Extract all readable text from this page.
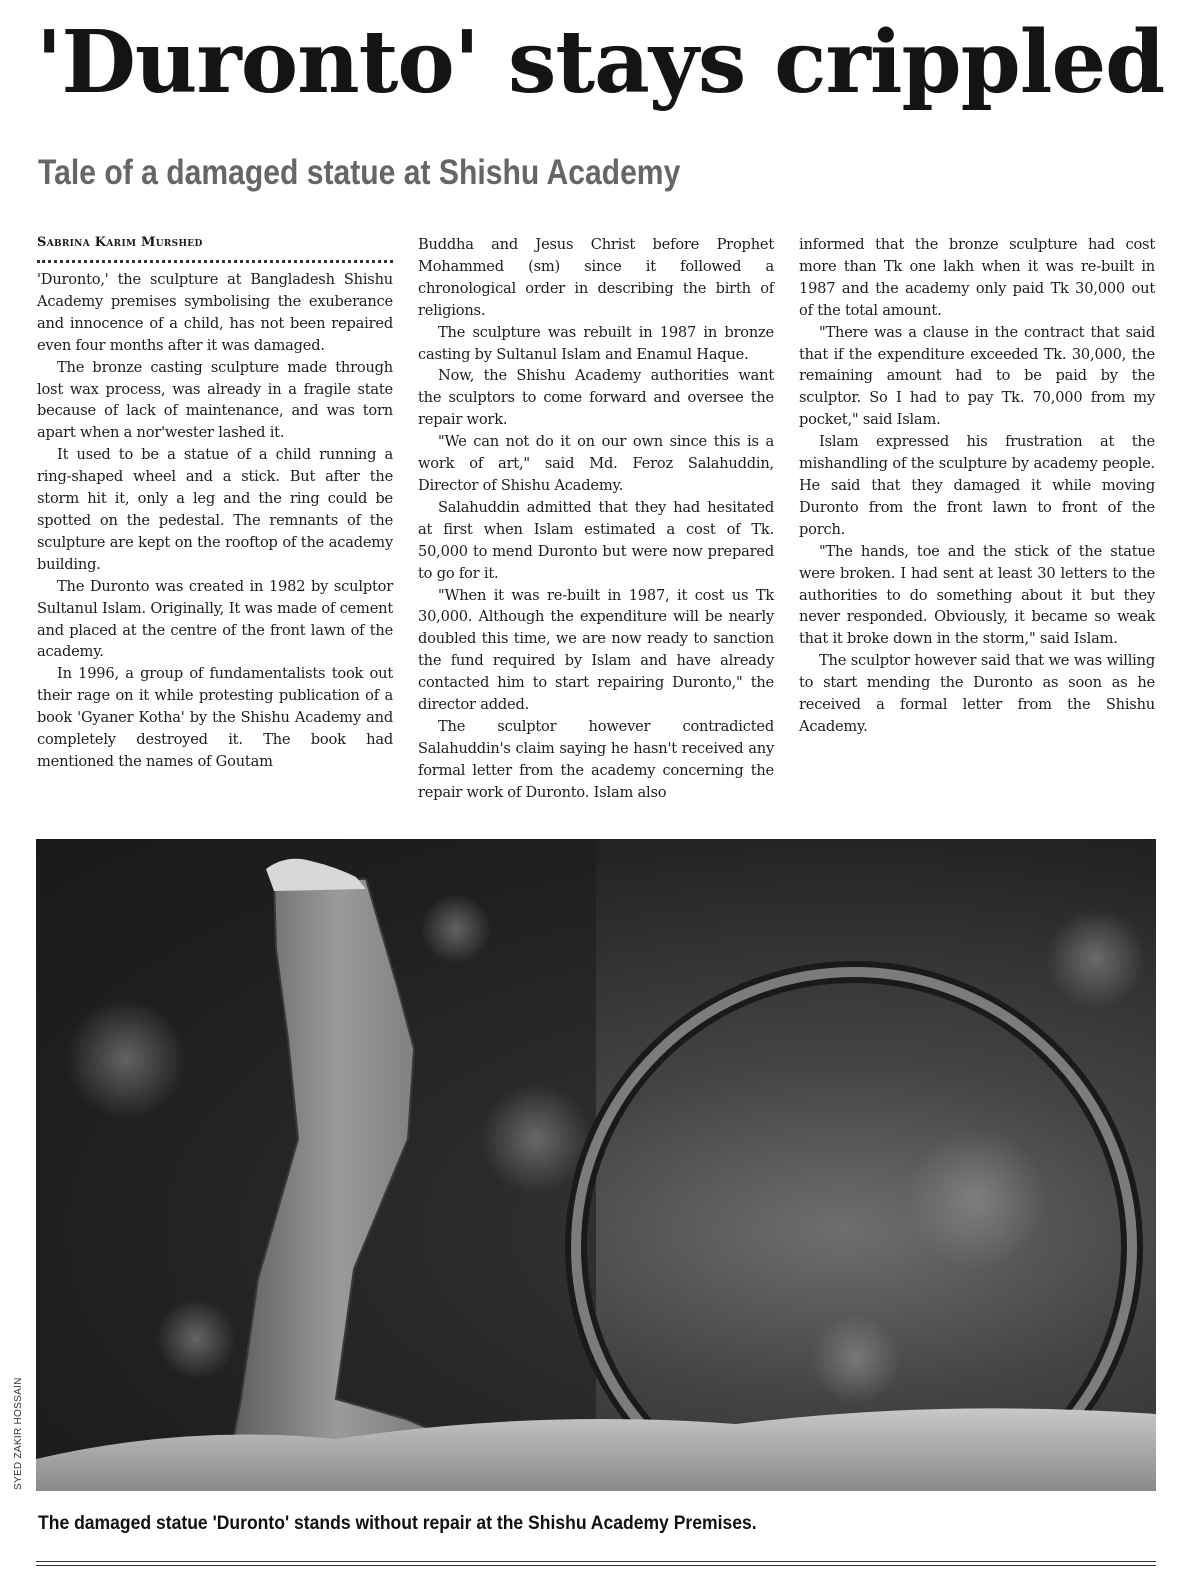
'Duronto' stays crippled
Tale of a damaged statue at Shishu Academy
Sabrina Karim Murshed

'Duronto,' the sculpture at Bangladesh Shishu Academy premises symbolising the exuberance and innocence of a child, has not been repaired even four months after it was damaged.

The bronze casting sculpture made through lost wax process, was already in a fragile state because of lack of maintenance, and was torn apart when a nor'wester lashed it.

It used to be a statue of a child running a ring-shaped wheel and a stick. But after the storm hit it, only a leg and the ring could be spotted on the pedestal. The remnants of the sculpture are kept on the rooftop of the academy building.

The Duronto was created in 1982 by sculptor Sultanul Islam. Originally, It was made of cement and placed at the centre of the front lawn of the academy.

In 1996, a group of fundamentalists took out their rage on it while protesting publication of a book 'Gyaner Kotha' by the Shishu Academy and completely destroyed it. The book had mentioned the names of Goutam

Buddha and Jesus Christ before Prophet Mohammed (sm) since it followed a chronological order in describing the birth of religions.

The sculpture was rebuilt in 1987 in bronze casting by Sultanul Islam and Enamul Haque.

Now, the Shishu Academy authorities want the sculptors to come forward and oversee the repair work.

"We can not do it on our own since this is a work of art," said Md. Feroz Salahuddin, Director of Shishu Academy.

Salahuddin admitted that they had hesitated at first when Islam estimated a cost of Tk. 50,000 to mend Duronto but were now prepared to go for it.

"When it was re-built in 1987, it cost us Tk 30,000. Although the expenditure will be nearly doubled this time, we are now ready to sanction the fund required by Islam and have already contacted him to start repairing Duronto," the director added.

The sculptor however contradicted Salahuddin's claim saying he hasn't received any formal letter from the academy concerning the repair work of Duronto. Islam also

informed that the bronze sculpture had cost more than Tk one lakh when it was re-built in 1987 and the academy only paid Tk 30,000 out of the total amount.

"There was a clause in the contract that said that if the expenditure exceeded Tk. 30,000, the remaining amount had to be paid by the sculptor. So I had to pay Tk. 70,000 from my pocket," said Islam.

Islam expressed his frustration at the mishandling of the sculpture by academy people. He said that they damaged it while moving Duronto from the front lawn to front of the porch.

"The hands, toe and the stick of the statue were broken. I had sent at least 30 letters to the authorities to do something about it but they never responded. Obviously, it became so weak that it broke down in the storm," said Islam.

The sculptor however said that we was willing to start mending the Duronto as soon as he received a formal letter from the Shishu Academy.

SYED ZAKIR HOSSAIN
The damaged statue 'Duronto' stands without repair at the Shishu Academy Premises.
